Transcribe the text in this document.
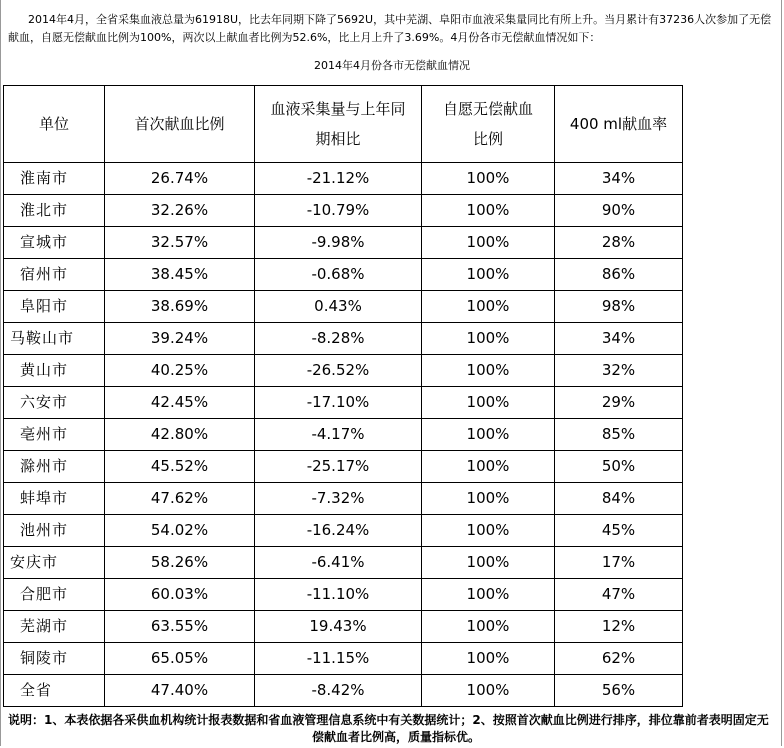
2014年4月，全省采集血液总量为61918U，比去年同期下降了5692U，其中芜湖、阜阳市血液采集量同比有所上升。当月累计有37236人次参加了无偿献血，自愿无偿献血比例为100%，两次以上献血者比例为52.6%，比上月上升了3.69%。4月份各市无偿献血情况如下：

2014年4月份各市无偿献血情况
单位	首次献血比例	血液采集量与上年同期相比	自愿无偿献血比例	400 ml献血率
淮南市	26.74%	-21.12%	100%	34%
淮北市	32.26%	-10.79%	100%	90%
宣城市	32.57%	-9.98%	100%	28%
宿州市	38.45%	-0.68%	100%	86%
阜阳市	38.69%	0.43%	100%	98%
马鞍山市	39.24%	-8.28%	100%	34%
黄山市	40.25%	-26.52%	100%	32%
六安市	42.45%	-17.10%	100%	29%
亳州市	42.80%	-4.17%	100%	85%
滁州市	45.52%	-25.17%	100%	50%
蚌埠市	47.62%	-7.32%	100%	84%
池州市	54.02%	-16.24%	100%	45%
安庆市	58.26%	-6.41%	100%	17%
合肥市	60.03%	-11.10%	100%	47%
芜湖市	63.55%	19.43%	100%	12%
铜陵市	65.05%	-11.15%	100%	62%
全省	47.40%	-8.42%	100%	56%
说明：1、本表依据各采供血机构统计报表数据和省血液管理信息系统中有关数据统计；2、按照首次献血比例进行排序，排位靠前者表明固定无
偿献血者比例高，质量指标优。
